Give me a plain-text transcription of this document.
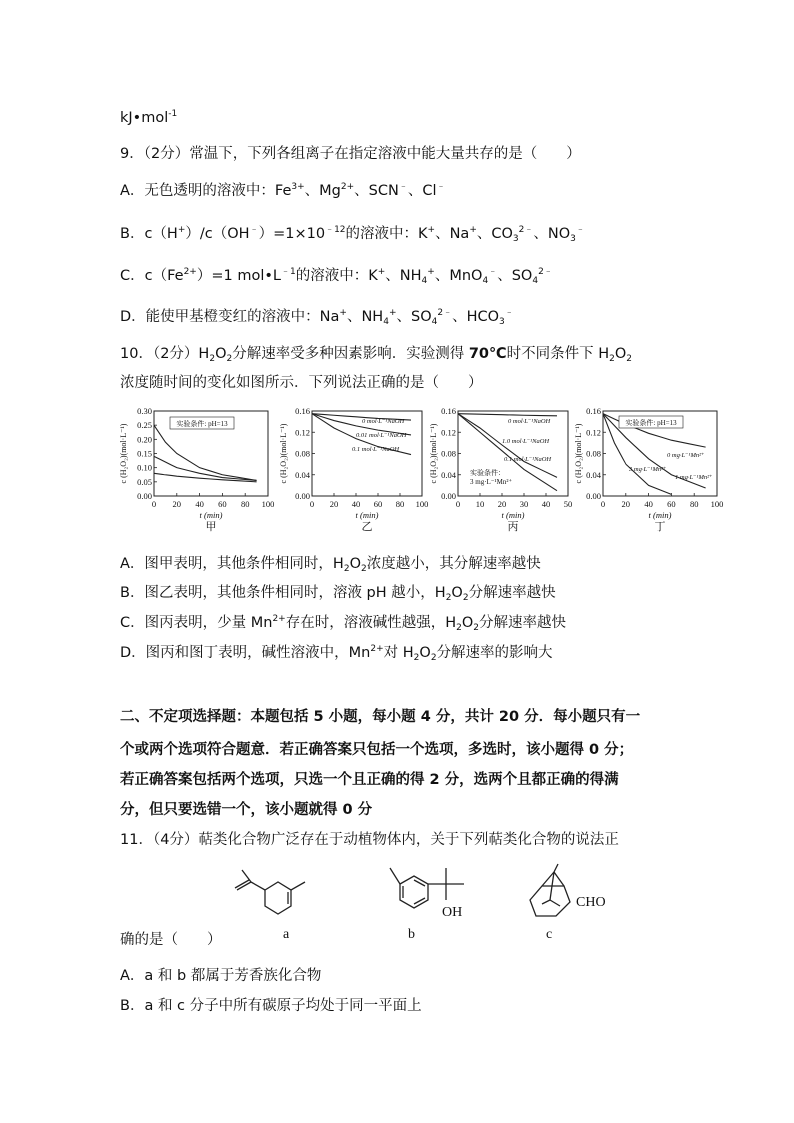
kJ•mol$^{-1}$
9．（2分）常温下，下列各组离子在指定溶液中能大量共存的是（　　）
A．无色透明的溶液中：$Fe^{3+}$、$Mg^{2+}$、SCN﹣、Cl﹣
B．$c(H^+)/c(OH^﹣)=1\times 10^{﹣12}$的溶液中：K+、Na+、$CO_3^{2﹣}$、$NO_3^﹣$
C．$c(Fe^{2+})=1$ $mol•L^{﹣1}$的溶液中：K+、$NH_4^+$、MnO$_4$﹣、$SO_4^{2﹣}$
D．能使甲基橙变红的溶液中：Na+、$NH_4^+$、$SO_4^{2﹣}$、$HCO_3^﹣$
10．（2分）$H_2O_2$分解速率受多种因素影响．实验测得 70℃时不同条件下 $H_2O_2$
浓度随时间的变化如图所示．下列说法正确的是（　　）
0.00
0.05
0.10
0.15
0.20
0.25
0.30
0 20 40 60 80 100
t (min)
c (H₂O₂)(mol·L⁻¹)
甲
实验条件: pH=13
0.00
0.04
0.08
0.12
0.16
0 20 40 60 80 100
t (min)
c (H₂O₂)(mol·L⁻¹)
乙
0 mol·L⁻¹NaOH
0.01 mol·L⁻¹NaOH
0.1 mol·L⁻¹NaOH
0.00
0.04
0.08
0.12
0.16
0 10 20 30 40 50
t (min)
c (H₂O₂)(mol·L⁻¹)
丙
0 mol·L⁻¹NaOH
1.0 mol·L⁻¹NaOH
0.1 mol·L⁻¹NaOH
实验条件：
3 mg·L⁻¹Mn²⁺
0.00
0.04
0.08
0.12
0.16
0 20 40 60 80 100
t (min)
c (H₂O₂)(mol·L⁻¹)
丁
0 mg·L⁻¹Mn²⁺
1 mg·L⁻¹Mn²⁺
3 mg·L⁻¹Mn²⁺
实验条件: pH=13
A．图甲表明，其他条件相同时，$H_2O_2$浓度越小，其分解速率越快
B．图乙表明，其他条件相同时，溶液 pH 越小，$H_2O_2$分解速率越快
C．图丙表明，少量 $Mn^{2+}$存在时，溶液碱性越强，$H_2O_2$分解速率越快
D．图丙和图丁表明，碱性溶液中，$Mn^{2+}$对 $H_2O_2$分解速率的影响大
二、不定项选择题：本题包括 5 小题，每小题 4 分，共计 20 分．每小题只有一
个或两个选项符合题意．若正确答案只包括一个选项，多选时，该小题得 0 分；
若正确答案包括两个选项，只选一个且正确的得 2 分，选两个且都正确的得满
分，但只要选错一个，该小题就得 0 分
11．（4分）萜类化合物广泛存在于动植物体内，关于下列萜类化合物的说法正
a
OH
b
CHO
c
确的是（　　）
A．a 和 b 都属于芳香族化合物
B．a 和 c 分子中所有碳原子均处于同一平面上
